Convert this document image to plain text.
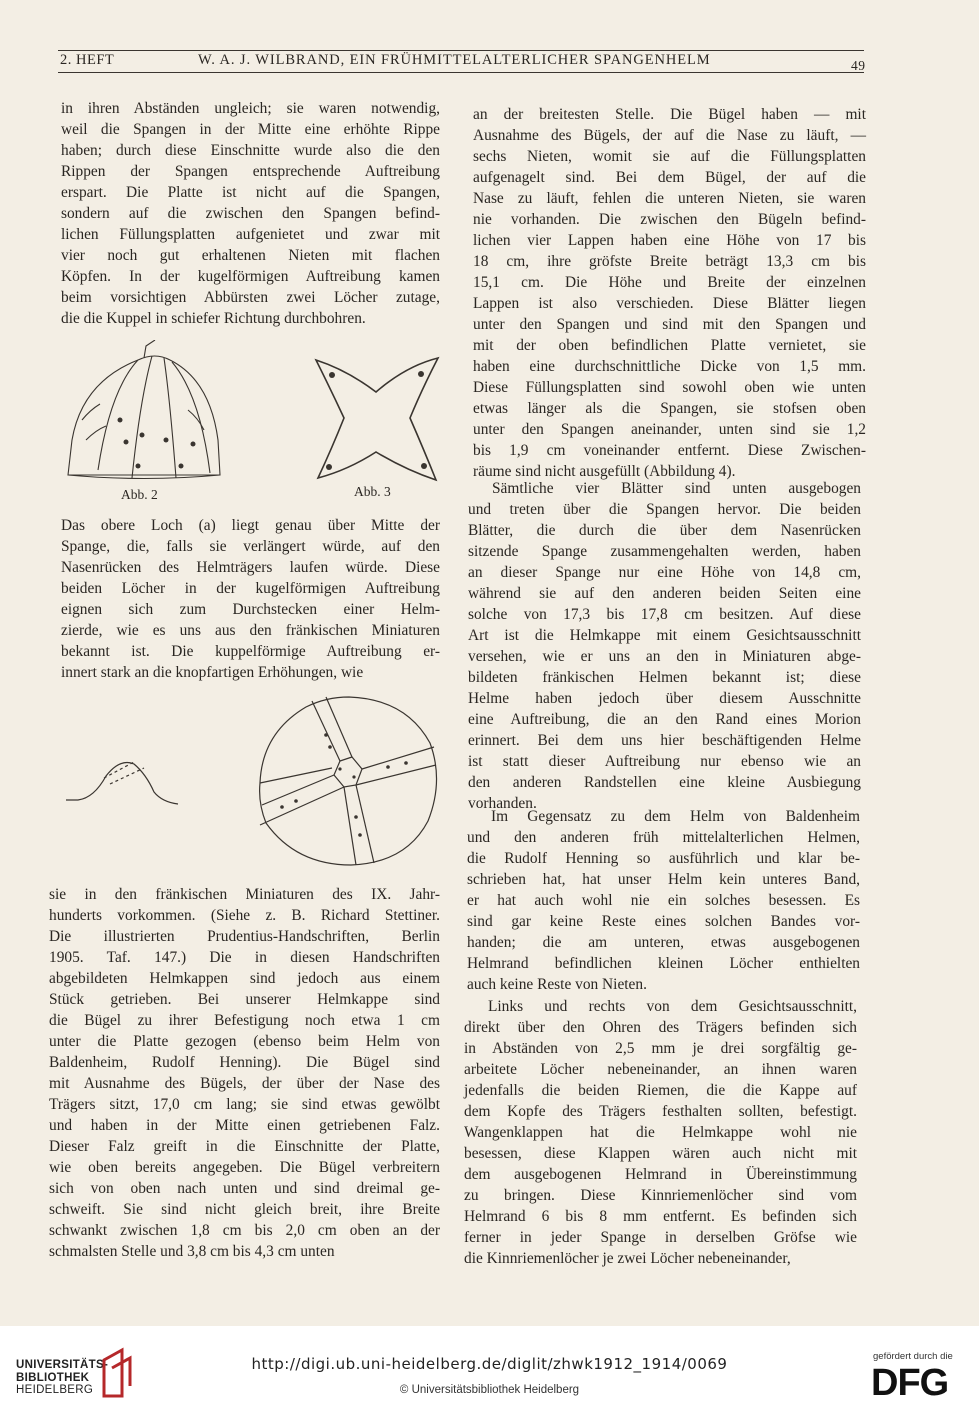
2. HEFT	W. A. J. WILBRAND, EIN FRÜHMITTELALTERLICHER SPANGENHELM	49
in ihren Abständen ungleich; sie waren notwendig,
weil die Spangen in der Mitte eine erhöhte Rippe
haben; durch diese Einschnitte wurde also die den
Rippen der Spangen entsprechende Auftreibung
erspart. Die Platte ist nicht auf die Spangen,
sondern auf die zwischen den Spangen befind-
lichen Füllungsplatten aufgenietet und zwar mit
vier noch gut erhaltenen Nieten mit flachen
Köpfen. In der kugelförmigen Auftreibung kamen
beim vorsichtigen Abbürsten zwei Löcher zutage,
die die Kuppel in schiefer Richtung durchbohren.
Abb. 2	Abb. 3
Das obere Loch (a) liegt genau über Mitte der
Spange, die, falls sie verlängert würde, auf den
Nasenrücken des Helmträgers laufen würde. Diese
beiden Löcher in der kugelförmigen Auftreibung
eignen sich zum Durchstecken einer Helm-
zierde, wie es uns aus den fränkischen Miniaturen
bekannt ist. Die kuppelförmige Auftreibung er-
innert stark an die knopfartigen Erhöhungen, wie
sie in den fränkischen Miniaturen des IX. Jahr-
hunderts vorkommen. (Siehe z. B. Richard Stettiner.
Die illustrierten Prudentius-Handschriften, Berlin
1905. Taf. 147.) Die in diesen Handschriften
abgebildeten Helmkappen sind jedoch aus einem
Stück getrieben. Bei unserer Helmkappe sind
die Bügel zu ihrer Befestigung noch etwa 1 cm
unter die Platte gezogen (ebenso beim Helm von
Baldenheim, Rudolf Henning). Die Bügel sind
mit Ausnahme des Bügels, der über der Nase des
Trägers sitzt, 17,0 cm lang; sie sind etwas gewölbt
und haben in der Mitte einen getriebenen Falz.
Dieser Falz greift in die Einschnitte der Platte,
wie oben bereits angegeben. Die Bügel verbreitern
sich von oben nach unten und sind dreimal ge-
schweift. Sie sind nicht gleich breit, ihre Breite
schwankt zwischen 1,8 cm bis 2,0 cm oben an der
schmalsten Stelle und 3,8 cm bis 4,3 cm unten
an der breitesten Stelle. Die Bügel haben — mit
Ausnahme des Bügels, der auf die Nase zu läuft, —
sechs Nieten, womit sie auf die Füllungsplatten
aufgenagelt sind. Bei dem Bügel, der auf die
Nase zu läuft, fehlen die unteren Nieten, sie waren
nie vorhanden. Die zwischen den Bügeln befind-
lichen vier Lappen haben eine Höhe von 17 bis
18 cm, ihre gröfste Breite beträgt 13,3 cm bis
15,1 cm. Die Höhe und Breite der einzelnen
Lappen ist also verschieden. Diese Blätter liegen
unter den Spangen und sind mit den Spangen und
mit der oben befindlichen Platte vernietet, sie
haben eine durchschnittliche Dicke von 1,5 mm.
Diese Füllungsplatten sind sowohl oben wie unten
etwas länger als die Spangen, sie stofsen oben
unter den Spangen aneinander, unten sind sie 1,2
bis 1,9 cm voneinander entfernt. Diese Zwischen-
räume sind nicht ausgefüllt (Abbildung 4).
Sämtliche vier Blätter sind unten ausgebogen
und treten über die Spangen hervor. Die beiden
Blätter, die durch die über dem Nasenrücken
sitzende Spange zusammengehalten werden, haben
an dieser Spange nur eine Höhe von 14,8 cm,
während sie auf den anderen beiden Seiten eine
solche von 17,3 bis 17,8 cm besitzen. Auf diese
Art ist die Helmkappe mit einem Gesichtsausschnitt
versehen, wie er uns an den in Miniaturen abge-
bildeten fränkischen Helmen bekannt ist; diese
Helme haben jedoch über diesem Ausschnitte
eine Auftreibung, die an den Rand eines Morion
erinnert. Bei dem uns hier beschäftigenden Helme
ist statt dieser Auftreibung nur ebenso wie an
den anderen Randstellen eine kleine Ausbiegung
vorhanden.
Im Gegensatz zu dem Helm von Baldenheim
und den anderen früh mittelalterlichen Helmen,
die Rudolf Henning so ausführlich und klar be-
schrieben hat, hat unser Helm kein unteres Band,
er hat auch wohl nie ein solches besessen. Es
sind gar keine Reste eines solchen Bandes vor-
handen; die am unteren, etwas ausgebogenen
Helmrand befindlichen kleinen Löcher enthielten
auch keine Reste von Nieten.
Links und rechts von dem Gesichtsausschnitt,
direkt über den Ohren des Trägers befinden sich
in Abständen von 2,5 mm je drei sorgfältig ge-
arbeitete Löcher nebeneinander, an ihnen waren
jedenfalls die beiden Riemen, die die Kappe auf
dem Kopfe des Trägers festhalten sollten, befestigt.
Wangenklappen hat die Helmkappe wohl nie
besessen, diese Klappen wären auch nicht mit
dem ausgebogenen Helmrand in Übereinstimmung
zu bringen. Diese Kinnriemenlöcher sind vom
Helmrand 6 bis 8 mm entfernt. Es befinden sich
ferner in jeder Spange in derselben Gröfse wie
die Kinnriemenlöcher je zwei Löcher nebeneinander,
UNIVERSITÄTS-
BIBLIOTHEK
HEIDELBERG
http://digi.ub.uni-heidelberg.de/diglit/zhwk1912_1914/0069
© Universitätsbibliothek Heidelberg
gefördert durch die
DFG
